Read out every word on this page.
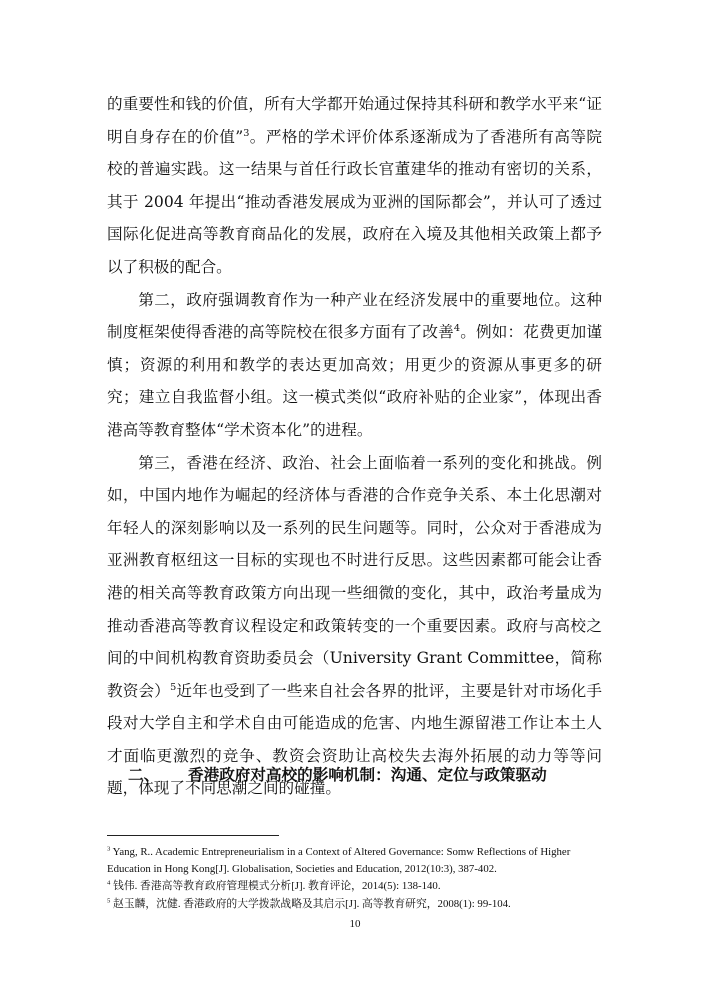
的重要性和钱的价值，所有大学都开始通过保持其科研和教学水平来“证明自身存在的价值”$^3$。严格的学术评价体系逐渐成为了香港所有高等院校的普遍实践。这一结果与首任行政长官董建华的推动有密切的关系，其于 2004 年提出“推动香港发展成为亚洲的国际都会”，并认可了透过国际化促进高等教育商品化的发展，政府在入境及其他相关政策上都予以了积极的配合。

第二，政府强调教育作为一种产业在经济发展中的重要地位。这种制度框架使得香港的高等院校在很多方面有了改善$^4$。例如：花费更加谨慎；资源的利用和教学的表达更加高效；用更少的资源从事更多的研究；建立自我监督小组。这一模式类似“政府补贴的企业家”，体现出香港高等教育整体“学术资本化”的进程。

第三，香港在经济、政治、社会上面临着一系列的变化和挑战。例如，中国内地作为崛起的经济体与香港的合作竞争关系、本土化思潮对年轻人的深刻影响以及一系列的民生问题等。同时，公众对于香港成为亚洲教育枢纽这一目标的实现也不时进行反思。这些因素都可能会让香港的相关高等教育政策方向出现一些细微的变化，其中，政治考量成为推动香港高等教育议程设定和政策转变的一个重要因素。政府与高校之间的中间机构教育资助委员会（University Grant Committee，简称教资会）$^5$近年也受到了一些来自社会各界的批评，主要是针对市场化手段对大学自主和学术自由可能造成的危害、内地生源留港工作让本土人才面临更激烈的竞争、教资会资助让高校失去海外拓展的动力等等问题，体现了不同思潮之间的碰撞。

二、 香港政府对高校的影响机制：沟通、定位与政策驱动

$^3$ Yang, R.. Academic Entrepreneurialism in a Context of Altered Governance: Somw Reflections of Higher Education in Hong Kong[J]. Globalisation, Societies and Education, 2012(10:3), 387-402.

$^4$ 钱伟. 香港高等教育政府管理模式分析[J]. 教育评论，2014(5): 138-140.

$^5$ 赵玉麟，沈健. 香港政府的大学拨款战略及其启示[J]. 高等教育研究，2008(1): 99-104.

10
